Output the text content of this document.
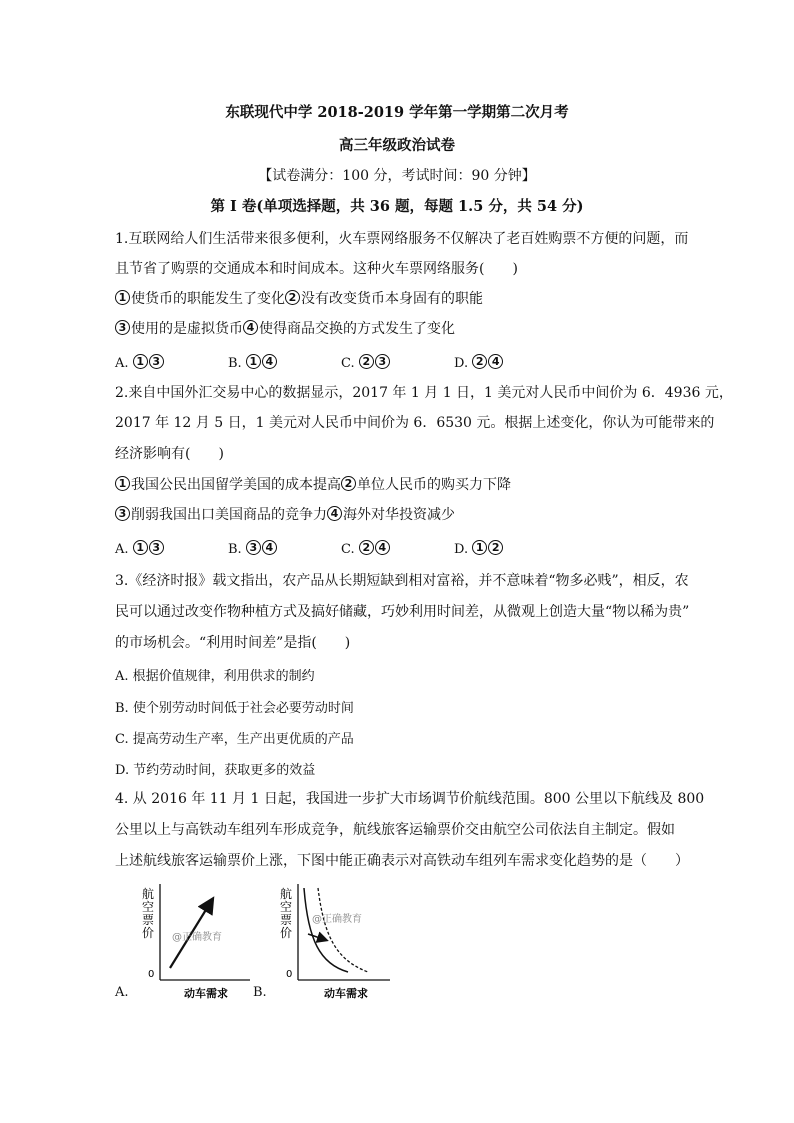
东联现代中学 2018-2019 学年第一学期第二次月考
高三年级政治试卷
【试卷满分：100 分，考试时间：90 分钟】
第 Ⅰ 卷(单项选择题，共 36 题，每题 1.5 分，共 54 分)
1.互联网给人们生活带来很多便利，火车票网络服务不仅解决了老百姓购票不方便的问题，而
且节省了购票的交通成本和时间成本。这种火车票网络服务(　　)
1 使货币的职能发生了变化 2 没有改变货币本身固有的职能
3 使用的是虚拟货币 4 使得商品交换的方式发生了变化
A. 1 3	B. 1 4	C. 2 3	D. 2 4
2.来自中国外汇交易中心的数据显示，2017 年 1 月 1 日，1 美元对人民币中间价为 6．4936 元，
2017 年 12 月 5 日，1 美元对人民币中间价为 6．6530 元。根据上述变化，你认为可能带来的
经济影响有(　　)
1 我国公民出国留学美国的成本提高 2 单位人民币的购买力下降
3 削弱我国出口美国商品的竞争力 4 海外对华投资减少
A. 1 3	B. 3 4	C. 2 4	D. 1 2
3.《经济时报》载文指出，农产品从长期短缺到相对富裕，并不意味着“物多必贱”，相反，农
民可以通过改变作物种植方式及搞好储藏，巧妙利用时间差，从微观上创造大量“物以稀为贵”
的市场机会。“利用时间差”是指(　　)
A. 根据价值规律，利用供求的制约
B. 使个别劳动时间低于社会必要劳动时间
C. 提高劳动生产率，生产出更优质的产品
D. 节约劳动时间，获取更多的效益
4. 从 2016 年 11 月 1 日起，我国进一步扩大市场调节价航线范围。800 公里以下航线及 800
公里以上与高铁动车组列车形成竞争，航线旅客运输票价交由航空公司依法自主制定。假如
上述航线旅客运输票价上涨，下图中能正确表示对高铁动车组列车需求变化趋势的是（　　）
A.	B.
航
空
票
价
0
动车需求
@正确教育
航
空
票
价
0
动车需求
@正确教育
